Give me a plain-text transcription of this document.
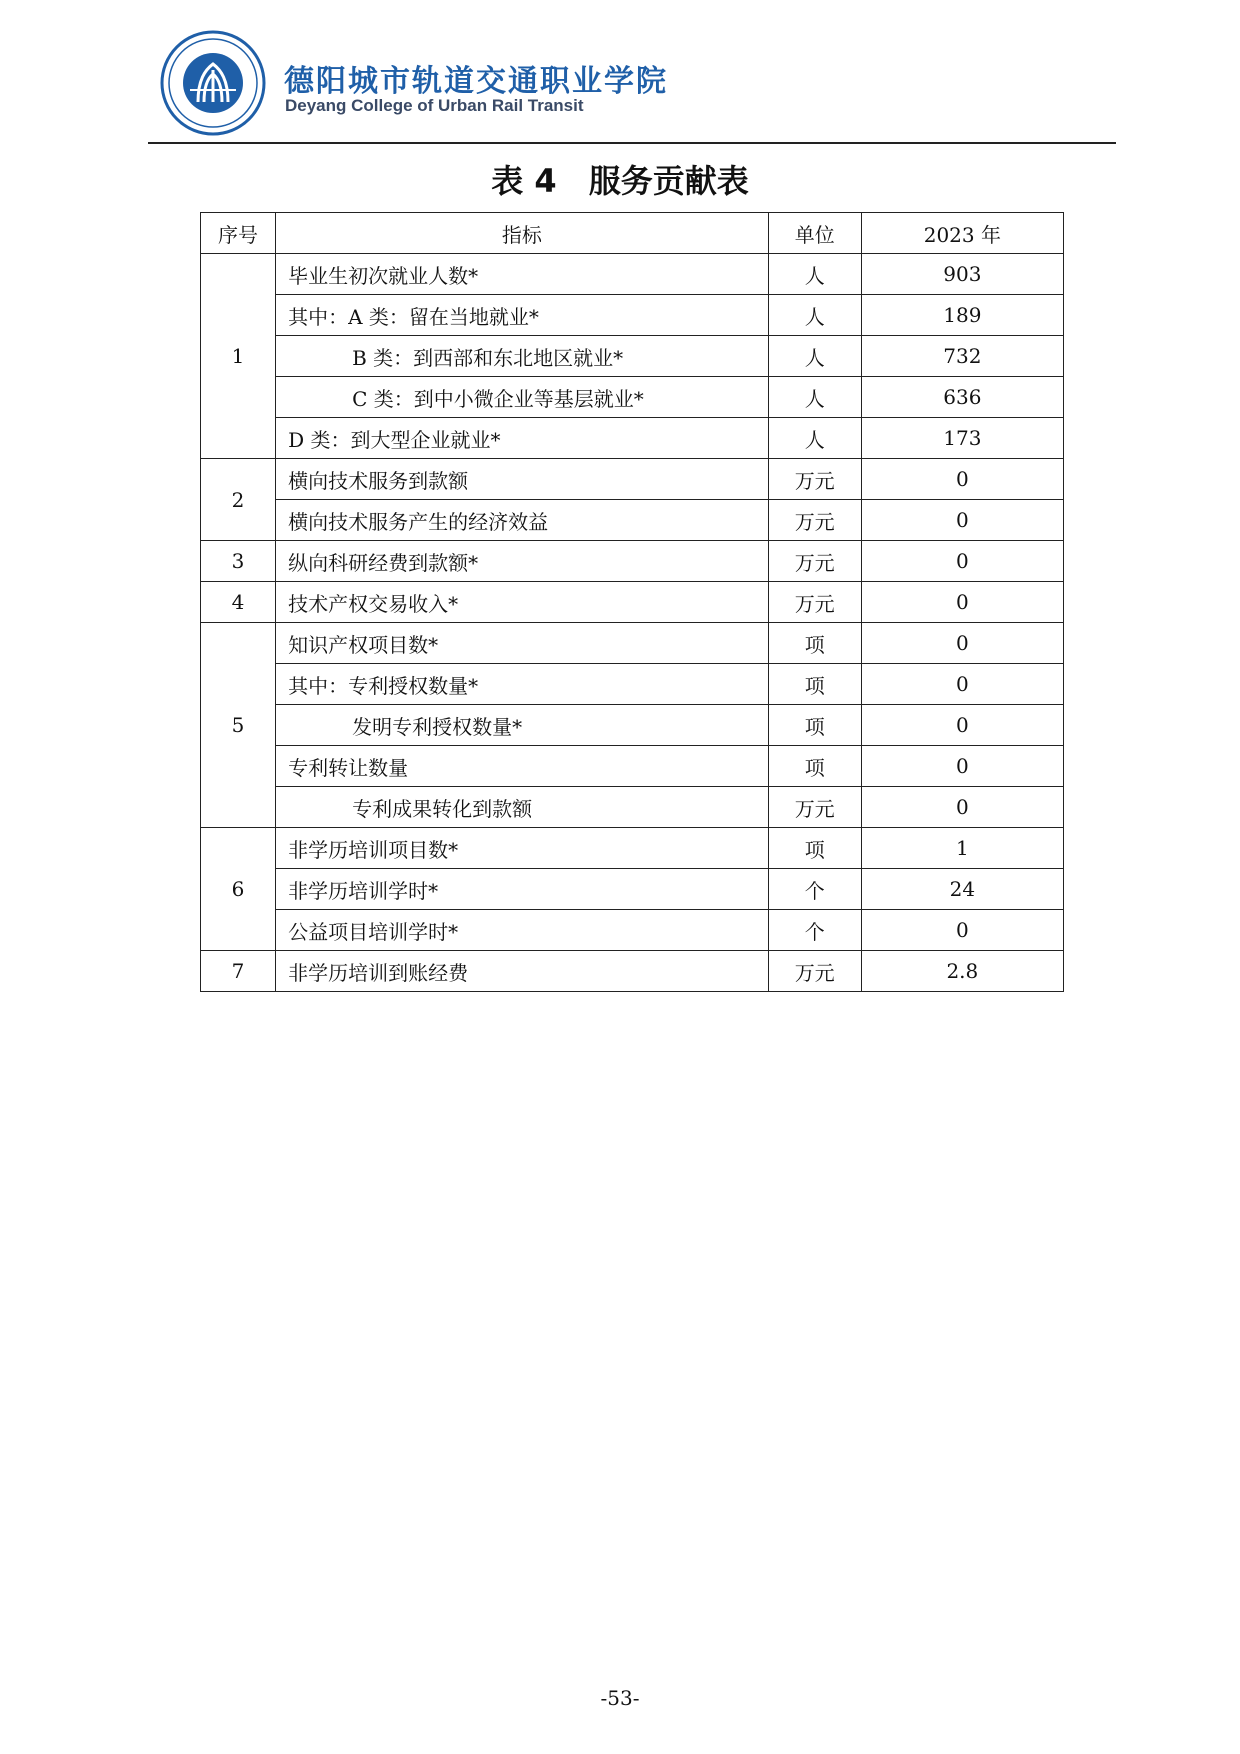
德阳城市轨道交通职业学院
Deyang College of Urban Rail Transit
表 4　服务贡献表
序号	指标	单位	2023 年
1	毕业生初次就业人数*	人	903
	其中：A 类：留在当地就业*	人	189
	B 类：到西部和东北地区就业*	人	732
	C 类：到中小微企业等基层就业*	人	636
	D 类：到大型企业就业*	人	173
2	横向技术服务到款额	万元	0
	横向技术服务产生的经济效益	万元	0
3	纵向科研经费到款额*	万元	0
4	技术产权交易收入*	万元	0
5	知识产权项目数*	项	0
	其中：专利授权数量*	项	0
	发明专利授权数量*	项	0
	专利转让数量	项	0
	专利成果转化到款额	万元	0
6	非学历培训项目数*	项	1
	非学历培训学时*	个	24
	公益项目培训学时*	个	0
7	非学历培训到账经费	万元	2.8
-53-
